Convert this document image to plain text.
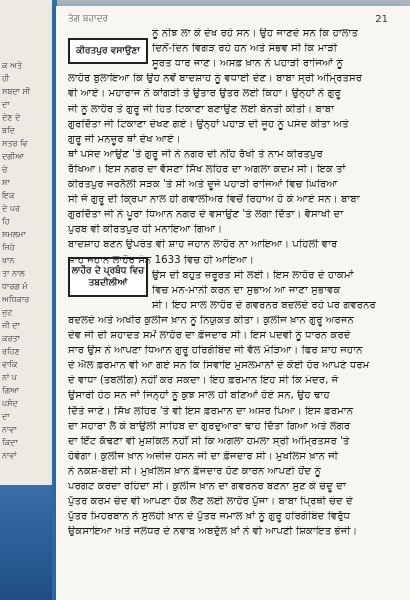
ਕ ਅਤੇ
ਹੀ
ਸਬਦਾ ਸੀ
ਦਾ
ਦੇਣ ਦੇ
ਬਦਿ
ਸਤਰ ਵਿ
ਦਗੀਆ
ਚੇ
ਸਾ
ਇਕ
ਦੇ ਪਰ
ਹਿ
ਸਮਲਮਾ
ਜਿਹੇ
ਖਾਨ
ਤਾ ਨਾਲ
ਧਾਰਗ ਮੰ
ਅਧਿਕਾਰ
ਜੁਟ
ਜੀ ਦਾ
ਕਰਤਾ
ਰਹਿਣ
ਵਾਕਿ
ਨਾਂ ਪ
ਗਿਆ
ਪਸੰਦ
ਦਾ
ਨਾਵਾ
ਕਿਦਾ
ਨਾਵਾਂ
ਤੇਗ ਬਹਾਦਰ	21
ਕੀਰਤਪੁਰ ਵਸਾਉਣਾ
ਲਾਹੌਰ ਦੇ ਪ੍ਰਬੰਧ ਵਿਚ
ਤਬਦੀਲੀਆਂ
ਨੂੰ ਨੀਝ ਲਾ ਕੇ ਦੇਖ ਰਹੇ ਸਨ। ਉਹ ਜਾਣਦੇ ਸਨ ਕਿ ਹਾਲਾਤ
ਦਿਨੋਂ-ਦਿਨ ਵਿਗੜ ਰਹੇ ਹਨ ਅਤੇ ਸੰਭਵ ਸੀ ਕਿ ਮਾੜੀ
ਸੂਰਤ ਧਾਰ ਜਾਣ। ਅਸਫ਼ ਖ਼ਾਨ ਨੇ ਪਹਾੜੀ ਰਾਜਿਆਂ ਨੂੰ
ਲਾਹੌਰ ਬੁਲਾਇਆ ਕਿ ਉਹ ਨਵੇਂ ਬਾਦਸ਼ਾਹ ਨੂੰ ਵਧਾਈ ਦੇਣ। ਬਾਬਾ ਸ੍ਰੀ ਅੰਮ੍ਰਿਤਸਰ
ਵੀ ਆਏ। ਮਹਾਰਾਜ ਨੇ ਕਾਂਗੜੀ ਤੇ ਉਤਾਰ ਉਤਰ ਲਈ ਕਿਹਾ। ਉਨ੍ਹਾਂ ਨੇ ਗੁਰੂ
ਜੀ ਨੂੰ ਲਾਹੌਰ ਤੇ ਗੁਰੂ ਜੀ ਹਿਤ ਟਿਕਾਣਾ ਬਣਾਉਣ ਲਈ ਬੇਨਤੀ ਕੀਤੀ। ਬਾਬਾ
ਗੁਰਦਿੱਤਾ ਜੀ ਟਿਕਾਣਾ ਦੇਖਣ ਗਏ। ਉਨ੍ਹਾਂ ਪਹਾੜ ਦੀ ਜੂਹ ਨੂੰ ਪਸੰਦ ਕੀਤਾ ਅਤੇ
ਗੁਰੂ ਜੀ ਮਨਜ਼ੂਰ ਥਾਂ ਦੇਖ ਆਏ।
ਥਾਂ ਪਸੰਦ ਆਉਣ 'ਤੇ ਗੁਰੂ ਜੀ ਨੇ ਨਗਰ ਦੀ ਨੀਂਹ ਰੱਖੀ ਤੇ ਨਾਮ ਕੀਰਤਪੁਰ
ਰੱਖਿਆ। ਇਸ ਨਗਰ ਦਾ ਵੱਸਣਾ ਸਿੱਖ ਲਹਿਰ ਦਾ ਅਗਲਾ ਕਦਮ ਸੀ। ਇਕ ਤਾਂ
ਕੀਰਤਪੁਰ ਜਰਨੈਲੀ ਸੜਕ 'ਤੇ ਸੀ ਅਤੇ ਦੂਜੇ ਪਹਾੜੀ ਰਾਜਿਆਂ ਵਿਚ ਘਿਰਿਆ
ਸੀ ਜੋ ਗੁਰੂ ਦੀ ਕ੍ਰਿਪਾ ਨਾਲ ਹੀ ਗਵਾਲੀਅਰ ਵਿਚੋਂ ਰਿਹਾਅ ਹੋ ਕੇ ਆਏ ਸਨ। ਬਾਬਾ
ਗੁਰਦਿੱਤਾ ਜੀ ਨੇ ਪੂਰਾ ਧਿਆਨ ਨਗਰ ਦੇ ਵਸਾਉਣ 'ਤੇ ਲਗਾ ਦਿੱਤਾ। ਵੈਸਾਖੀ ਦਾ
ਪੁਰਬ ਵੀ ਕੀਰਤਪੁਰ ਹੀ ਮਨਾਇਆ ਗਿਆ।
ਬਾਦਸ਼ਾਹ ਬਣਨ ਉਪਰੰਤ ਵੀ ਸ਼ਾਹ ਜਹਾਨ ਲਾਹੌਰ ਨਾ ਆਇਆ। ਪਹਿਲੀ ਵਾਰ
ਸ਼ਾਹ ਜਹਾਨ ਲਾਹੌਰ ਸੰਨ 1633 ਵਿਚ ਹੀ ਆਇਆ।
ਉਸ ਦੀ ਬਹੁਤ ਜ਼ਰੂਰਤ ਸੀ ਲਈ। ਇਸ ਲਾਹੌਰ ਦੇ ਹਾਕਮਾਂ
ਵਿਚ ਮਨ-ਮਾਨੀ ਕਰਨ ਦਾ ਸੁਭਾਅ ਆ ਜਾਣਾ ਸੁਭਾਵਕ
ਸੀ। ਇਹ ਸਾਲ ਲਾਹੌਰ ਦੇ ਗਵਰਨਰ ਬਦਲਦੇ ਰਹੇ ਪਰ ਗਵਰਨਰ
ਬਦਲਦੇ ਅਤੇ ਅਖੀਰ ਕੁਲੀਜ ਖ਼ਾਨ ਨੂੰ ਨਿਯੁਕਤ ਕੀਤਾ। ਕੁਲੀਜ ਖ਼ਾਨ ਗੁਰੂ ਅਰਜਨ
ਦੇਵ ਜੀ ਦੀ ਸ਼ਹਾਦਤ ਸਮੇਂ ਲਾਹੌਰ ਦਾ ਫ਼ੌਜਦਾਰ ਸੀ। ਇਸ ਪਦਵੀ ਨੂੰ ਧਾਰਨ ਕਰਦੇ
ਸਾਰ ਉਸ ਨੇ ਆਪਣਾ ਧਿਆਨ ਗੁਰੂ ਹਰਿਗੋਬਿੰਦ ਜੀ ਵੱਲ ਮੋੜਿਆ। ਫਿਰ ਸ਼ਾਹ ਜਹਾਨ
ਦੇ ਐਲ ਫ਼ਰਮਾਨ ਵੀ ਆ ਗਏ ਸਨ ਕਿ ਸਿਵਾਇ ਮੁਸਲਮਾਨਾਂ ਦੇ ਕੋਈ ਹੋਰ ਆਪਣੇ ਧਰਮ
ਦੇ ਵਾਧਾ (ਤਬਲੀਗ) ਨਹੀਂ ਕਰ ਸਕਦਾ। ਇਹ ਫ਼ਰਮਾਨ ਇਹ ਸੀ ਕਿ ਮੰਦਰ, ਜੋ
ਉਸਾਰੀ ਹੇਠ ਸਨ ਜਾਂ ਜਿਨ੍ਹਾਂ ਨੂੰ ਕੁਝ ਸਾਲ ਹੀ ਬਣਿਆਂ ਹੋਏ ਸਨ, ਉਹ ਢਾਹ
ਦਿੱਤੇ ਜਾਣੇ। ਸਿੱਖ ਲਹਿਰ 'ਤੇ ਵੀ ਇਸ ਫ਼ਰਮਾਨ ਦਾ ਅਸਰ ਪਿਆ। ਇਸ ਫ਼ਰਮਾਨ
ਦਾ ਸਹਾਰਾ ਲੈ ਕੇ ਬਾਉਲੀ ਸਾਹਿਬ ਦਾ ਗੁਰਦੁਆਰਾ ਢਾਹ ਦਿੱਤਾ ਗਿਆ ਅਤੇ ਲੰਗਰ
ਦਾ ਇੱਟ ਕੱਢਣਾ ਵੀ ਮੁਸ਼ਕਿਲ ਨਹੀਂ ਸੀ ਕਿ ਅਗਲਾ ਹਮਲਾ ਸ੍ਰੀ ਅੰਮ੍ਰਿਤਸਰ 'ਤੇ
ਹੋਵੇਗਾ। ਕੁਲੀਜ ਖ਼ਾਨ ਅਜ਼ੀਜ਼ ਹਸਨ ਜੀ ਦਾ ਫ਼ੌਜਦਾਰ ਸੀ। ਮੁਖਲਿਸ ਖ਼ਾਨ ਜੀ
ਨੇ ਨਕਸ਼-ਬੰਦੀ ਸੀ। ਮੁਖ਼ਲਿਸ ਖ਼ਾਨ ਫ਼ੌਜਦਾਰ ਹੋਣ ਕਾਰਨ ਆਪਣੀ ਹੋਂਦ ਨੂੰ
ਪਰਗਟ ਕਰਦਾ ਰਹਿੰਦਾ ਸੀ। ਕੁਲੀਜ ਖ਼ਾਨ ਦਾ ਗਵਰਨਰ ਬਣਨਾ ਸੁਣ ਕੇ ਚੰਦੂ ਦਾ
ਪੁੱਤਰ ਕਰਮ ਚੰਦ ਵੀ ਆਪਣਾ ਹੱਕ ਲੈਣ ਲਈ ਲਾਹੌਰ ਪੁੱਜਾ। ਬਾਬਾ ਪ੍ਰਿਥੀ ਚੰਦ ਦੇ
ਪੁੱਤਰ ਮਿਹਰਬਾਨ ਨੇ ਸੁਲਹੀ ਖ਼ਾਨ ਦੇ ਪੁੱਤਰ ਜਮਾਲ ਖ਼ਾਂ ਨੂੰ ਗੁਰੂ ਹਰਿਗੋਬਿੰਦ ਵਿਰੁੱਧ
ਉਕਸਾਇਆ ਅਤੇ ਜਲੰਧਰ ਦੇ ਨਵਾਬ ਅਬਦੁੱਲ ਖ਼ਾਂ ਨੇ ਵੀ ਆਪਣੀ ਸ਼ਿਕਾਇਤ ਭੇਜੀ।
